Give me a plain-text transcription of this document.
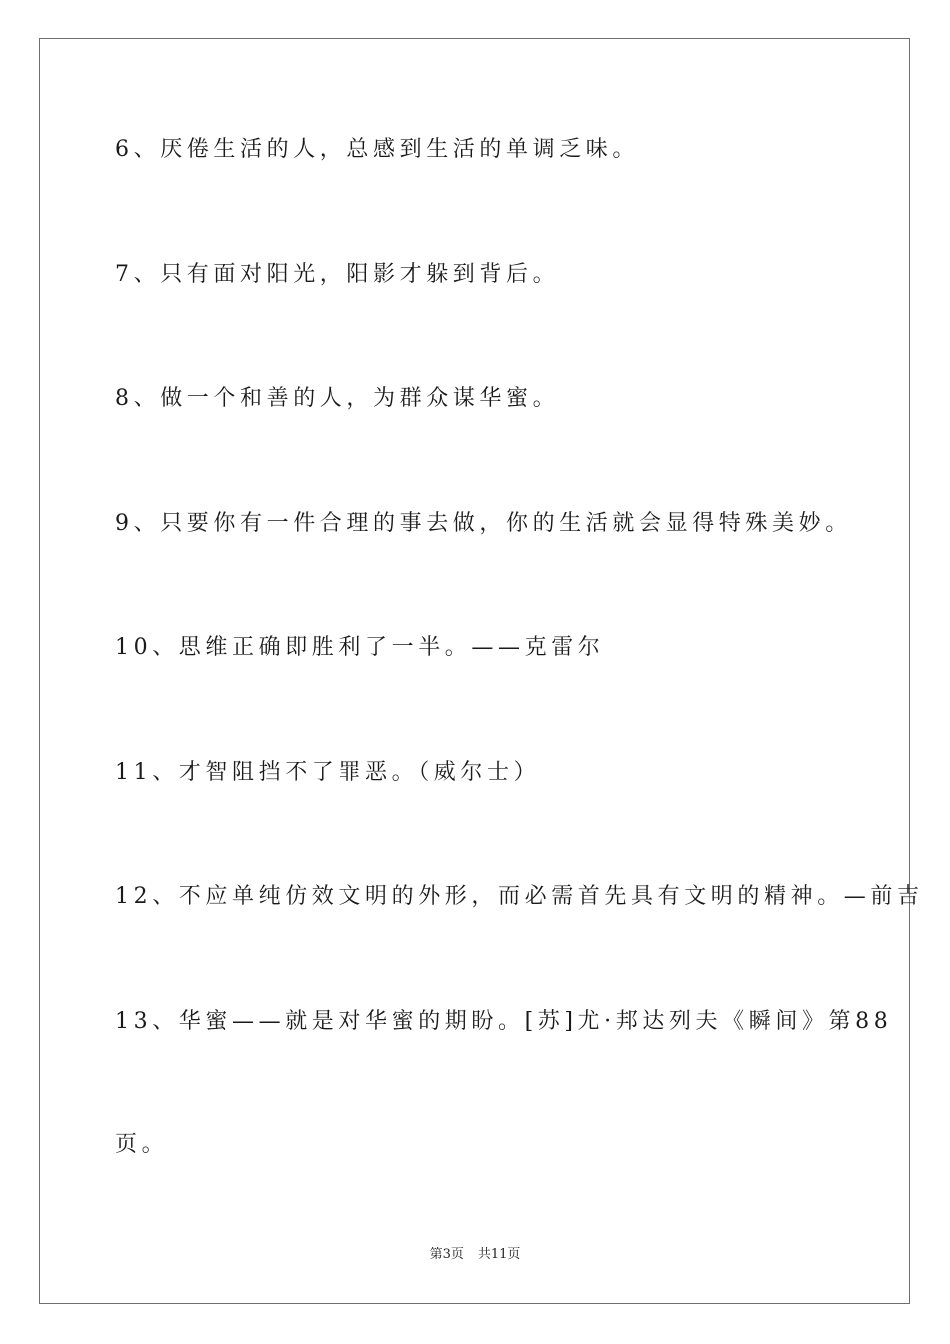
6、厌倦生活的人，总感到生活的单调乏味。
7、只有面对阳光，阳影才躲到背后。
8、做一个和善的人，为群众谋华蜜。
9、只要你有一件合理的事去做，你的生活就会显得特殊美妙。
10、思维正确即胜利了一半。——克雷尔
11、才智阻挡不了罪恶。（威尔士）
12、不应单纯仿效文明的外形，而必需首先具有文明的精神。—前吉
13、华蜜——就是对华蜜的期盼。[苏]尤·邦达列夫《瞬间》第88
页。
第3页 共11页
